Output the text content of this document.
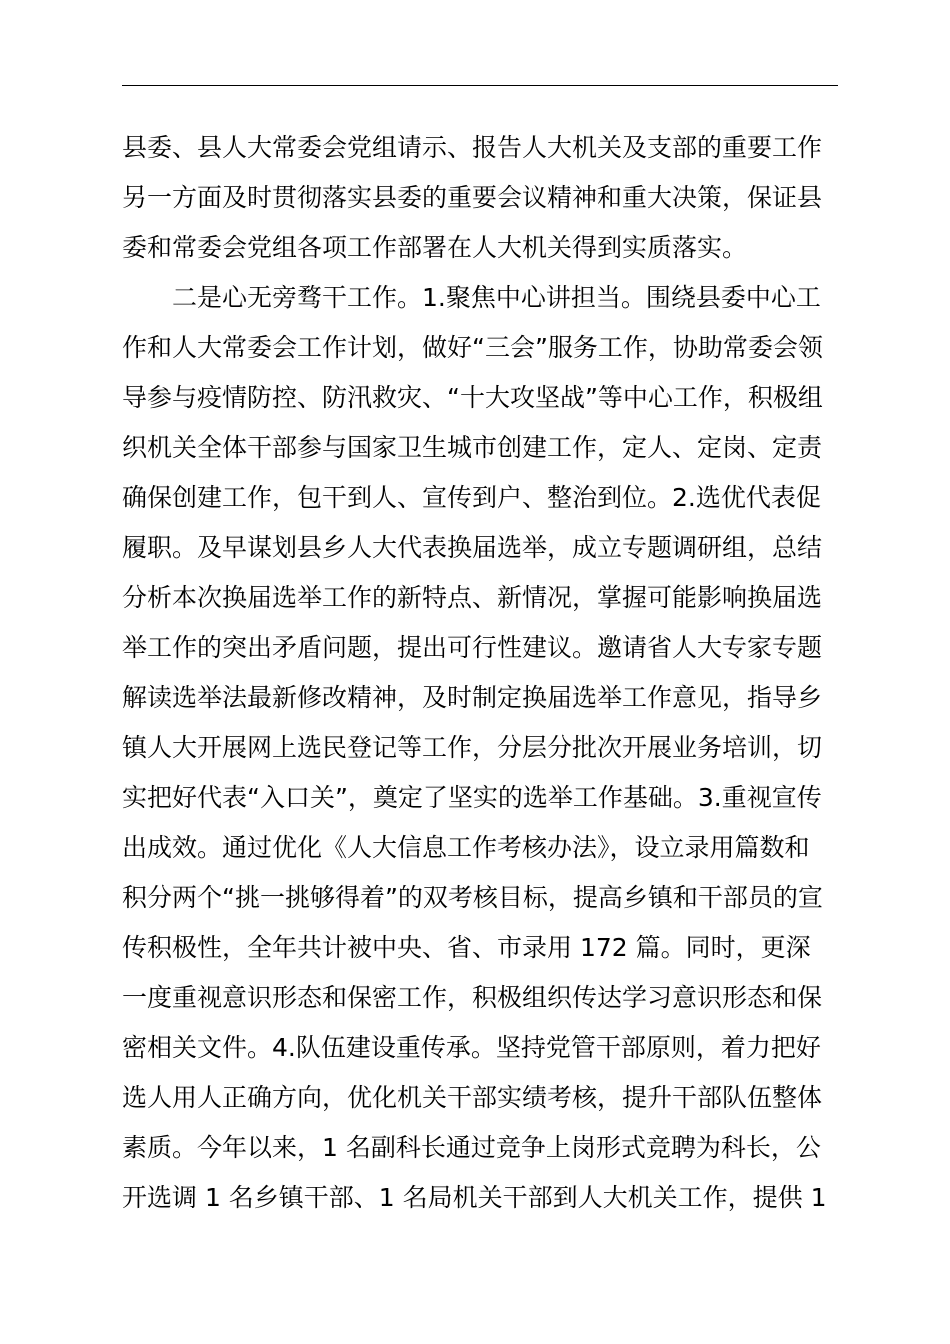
县委、县人大常委会党组请示、报告人大机关及支部的重要工作
另一方面及时贯彻落实县委的重要会议精神和重大决策，保证县
委和常委会党组各项工作部署在人大机关得到实质落实。
二是心无旁骛干工作。1.聚焦中心讲担当。围绕县委中心工
作和人大常委会工作计划，做好“三会”服务工作，协助常委会领
导参与疫情防控、防汛救灾、“十大攻坚战”等中心工作，积极组
织机关全体干部参与国家卫生城市创建工作，定人、定岗、定责
确保创建工作，包干到人、宣传到户、整治到位。2.选优代表促
履职。及早谋划县乡人大代表换届选举，成立专题调研组，总结
分析本次换届选举工作的新特点、新情况，掌握可能影响换届选
举工作的突出矛盾问题，提出可行性建议。邀请省人大专家专题
解读选举法最新修改精神，及时制定换届选举工作意见，指导乡
镇人大开展网上选民登记等工作，分层分批次开展业务培训，切
实把好代表“入口关”，奠定了坚实的选举工作基础。3.重视宣传
出成效。通过优化《人大信息工作考核办法》，设立录用篇数和
积分两个“挑一挑够得着”的双考核目标，提高乡镇和干部员的宣
传积极性，全年共计被中央、省、市录用 172 篇。同时，更深
一度重视意识形态和保密工作，积极组织传达学习意识形态和保
密相关文件。4.队伍建设重传承。坚持党管干部原则，着力把好
选人用人正确方向，优化机关干部实绩考核，提升干部队伍整体
素质。今年以来，1 名副科长通过竞争上岗形式竞聘为科长，公
开选调 1 名乡镇干部、1 名局机关干部到人大机关工作，提供 1
